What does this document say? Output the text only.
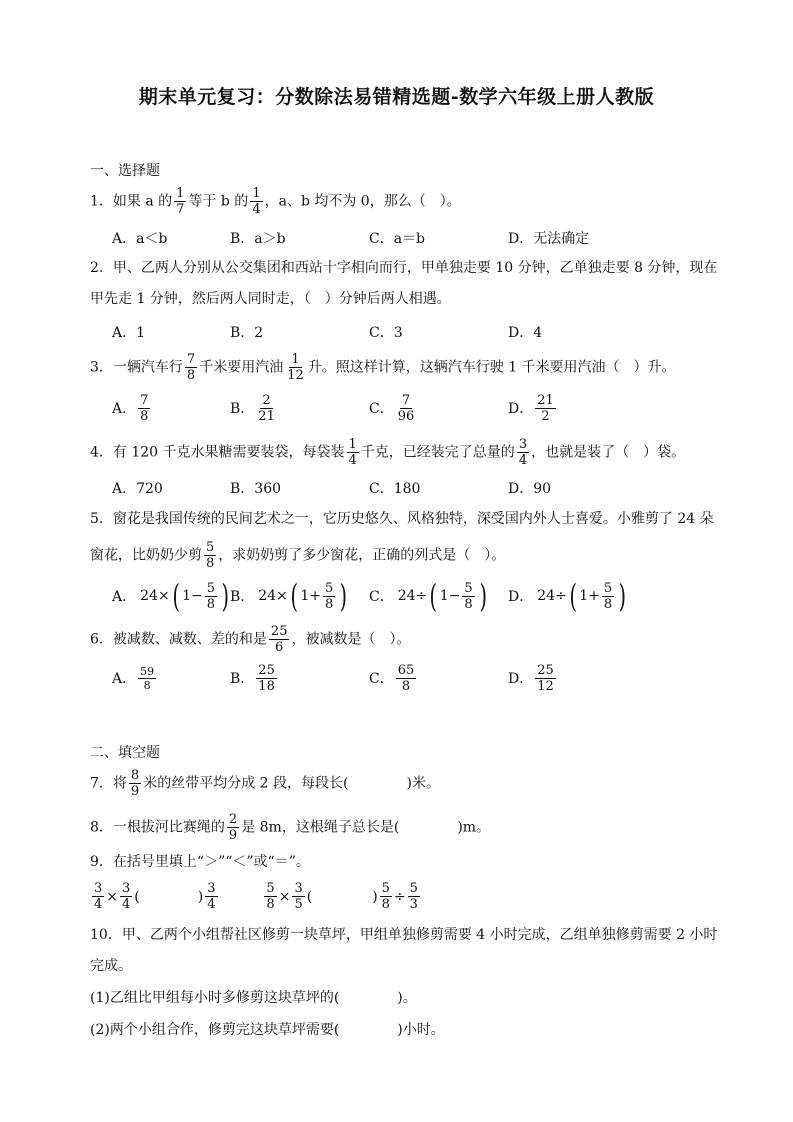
期末单元复习：分数除法易错精选题-数学六年级上册人教版
一、选择题
1．如果 a 的 $\frac{1}{7}$ 等于 b 的 $\frac{1}{4}$ ，a、b 均不为 0，那么（　）。
A．a＜b	B．a＞b	C．a＝b	D．无法确定
2．甲、乙两人分别从公交集团和西站十字相向而行，甲单独走要 10 分钟，乙单独走要 8 分钟，现在
甲先走 1 分钟，然后两人同时走，（　）分钟后两人相遇。
A．1	B．2	C．3	D．4
3．一辆汽车行 $\frac{7}{8}$ 千米要用汽油 $\frac{1}{12}$ 升。照这样计算，这辆汽车行驶 1 千米要用汽油（　）升。
A． $\frac{7}{8}$	B． $\frac{2}{21}$	C． $\frac{7}{96}$	D． $\frac{21}{2}$
4．有 120 千克水果糖需要装袋，每袋装 $\frac{1}{4}$ 千克，已经装完了总量的 $\frac{3}{4}$ ，也就是装了（　）袋。
A．720	B．360	C．180	D．90
5．窗花是我国传统的民间艺术之一，它历史悠久、风格独特，深受国内外人士喜爱。小雅剪了 24 朵
窗花，比奶奶少剪 $\frac{5}{8}$ ，求奶奶剪了多少窗花，正确的列式是（　）。
A． 24× ( $1- \frac{5}{8}$ ) B． 24× ( $1+ \frac{5}{8}$ ) C． 24÷ ( $1- \frac{5}{8}$ ) D． 24÷ ( $1+ \frac{5}{8}$ )
6．被减数、减数、差的和是 $\frac{25}{6}$ ，被减数是（　）。
A． $\frac{59}{8}$	B． $\frac{25}{18}$	C． $\frac{65}{8}$	D． $\frac{25}{12}$
二、填空题
7．将 $\frac{8}{9}$ 米的丝带平均分成 2 段，每段长(	)米。
8．一根拔河比赛绳的 $\frac{2}{9}$ 是 8m，这根绳子总长是(	)m。
9．在括号里填上“＞”“＜”或“＝”。
$\frac{3}{4} \times \frac{3}{4}$ (	) $\frac{3}{4}$
	$\frac{5}{8} \times \frac{3}{5}$ (	) $\frac{5}{8} \div \frac{5}{3}$
10．甲、乙两个小组帮社区修剪一块草坪，甲组单独修剪需要 4 小时完成，乙组单独修剪需要 2 小时
完成。
(1)乙组比甲组每小时多修剪这块草坪的(	)。
(2)两个小组合作，修剪完这块草坪需要(	)小时。
